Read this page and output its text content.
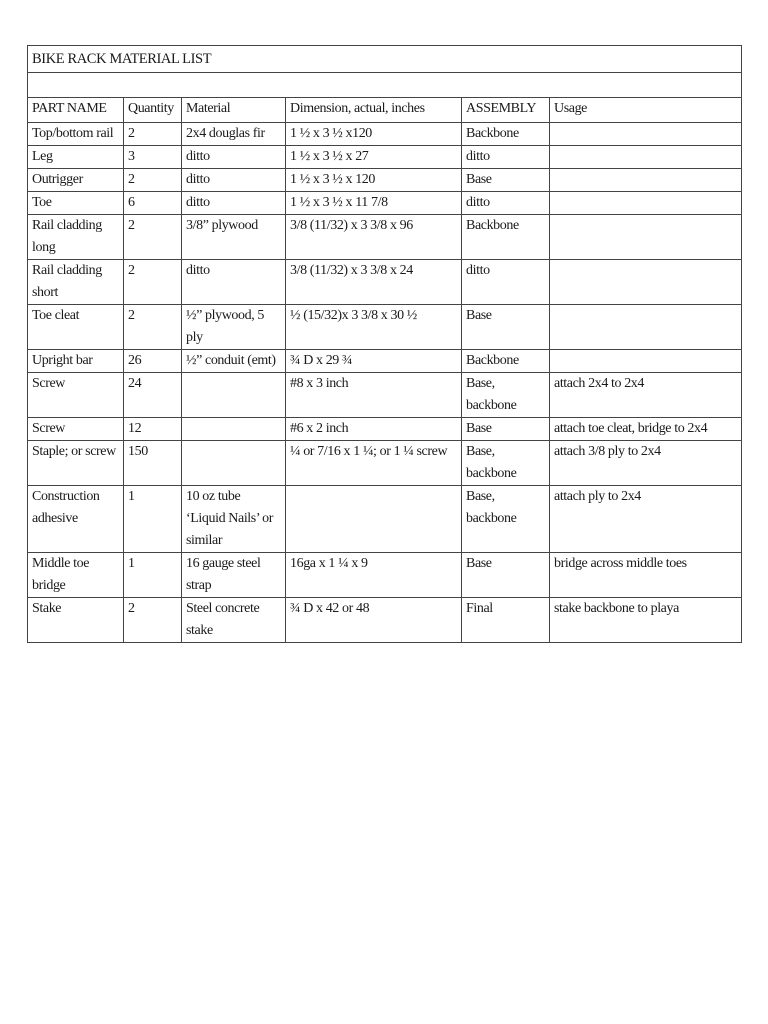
BIKE RACK MATERIAL LIST					

PART NAME	Quantity	Material	Dimension, actual, inches	ASSEMBLY	Usage
Top/bottom rail	2	2x4 douglas fir	1 ½ x 3 ½ x120	Backbone	
Leg	3	ditto	1 ½ x 3 ½ x 27	ditto	
Outrigger	2	ditto	1 ½ x 3 ½ x 120	Base	
Toe	6	ditto	1 ½ x 3 ½ x 11 7/8	ditto	
Rail cladding long	2	3/8” plywood	3/8 (11/32) x 3 3/8 x 96	Backbone	
Rail cladding short	2	ditto	3/8 (11/32) x 3 3/8 x 24	ditto	
Toe cleat	2	½” plywood, 5 ply	½ (15/32)x 3 3/8 x 30 ½	Base	
Upright bar	26	½” conduit (emt)	¾ D x 29 ¾	Backbone	
Screw	24		#8 x 3 inch	Base, backbone	attach 2x4 to 2x4
Screw	12		#6 x 2 inch	Base	attach toe cleat, bridge to 2x4
Staple; or screw	150		¼ or 7/16 x 1 ¼; or 1 ¼ screw	Base, backbone	attach 3/8 ply to 2x4
Construction adhesive	1	10 oz tube ‘Liquid Nails’ or similar		Base, backbone	attach ply to 2x4
Middle toe bridge	1	16 gauge steel strap	16ga x 1 ¼ x 9	Base	bridge across middle toes
Stake	2	Steel concrete stake	¾ D x 42 or 48	Final	stake backbone to playa
